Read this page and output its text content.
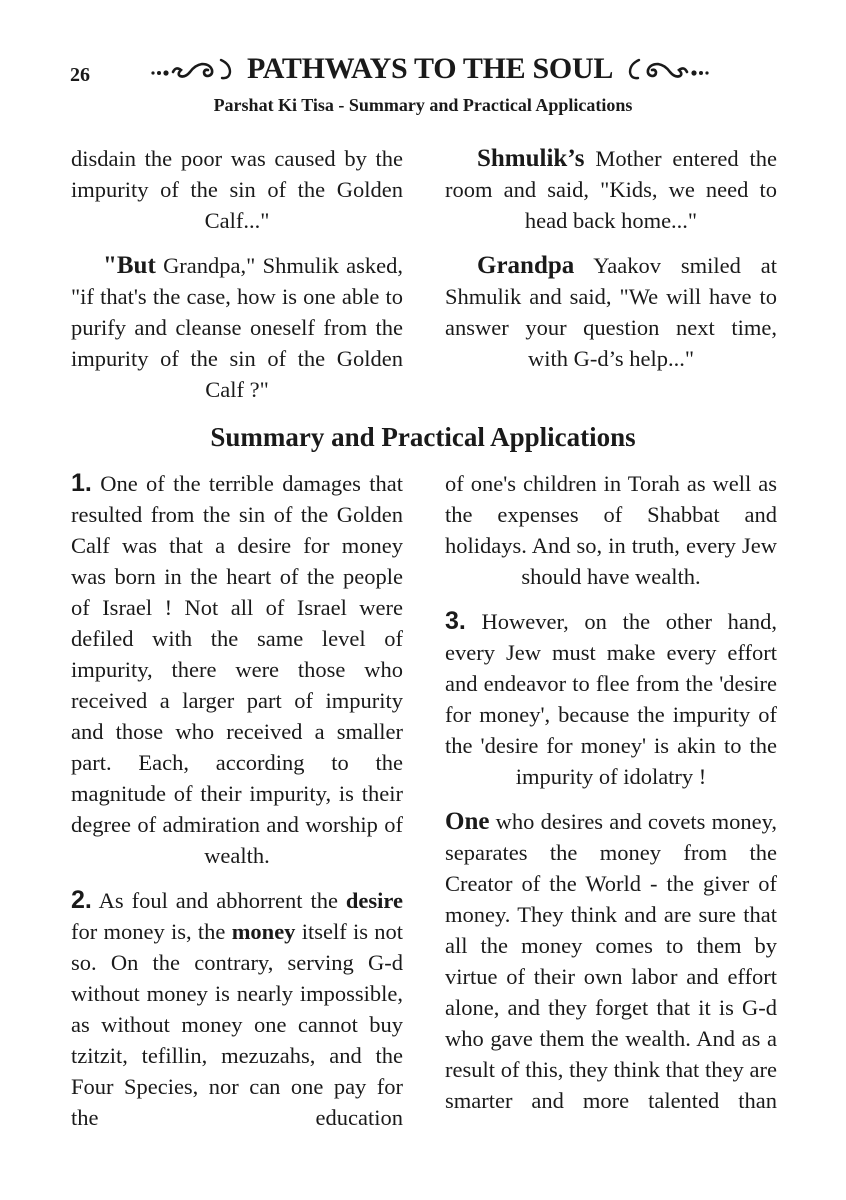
26	PATHWAYS TO THE SOUL
Parshat Ki Tisa - Summary and Practical Applications

disdain the poor was caused by the impurity of the sin of the Golden Calf..."

"But Grandpa," Shmulik asked, "if that's the case, how is one able to purify and cleanse oneself from the impurity of the sin of the Golden Calf ?"

Shmulik’s Mother entered the room and said, "Kids, we need to head back home..."

Grandpa Yaakov smiled at Shmulik and said, "We will have to answer your question next time, with G-d’s help..."

Summary and Practical Applications

1. One of the terrible damages that resulted from the sin of the Golden Calf was that a desire for money was born in the heart of the people of Israel ! Not all of Israel were defiled with the same level of impurity, there were those who received a larger part of impurity and those who received a smaller part. Each, according to the magnitude of their impurity, is their degree of admiration and worship of wealth.

2. As foul and abhorrent the desire for money is, the money itself is not so. On the contrary, serving G-d without money is nearly impossible, as without money one cannot buy tzitzit, tefillin, mezuzahs, and the Four Species, nor can one pay for the education

of one's children in Torah as well as the expenses of Shabbat and holidays. And so, in truth, every Jew should have wealth.

3. However, on the other hand, every Jew must make every effort and endeavor to flee from the 'desire for money', because the impurity of the 'desire for money' is akin to the impurity of idolatry !

One who desires and covets money, separates the money from the Creator of the World - the giver of money. They think and are sure that all the money comes to them by virtue of their own labor and effort alone, and they forget that it is G-d who gave them the wealth. And as a result of this, they think that they are smarter and more talented than
